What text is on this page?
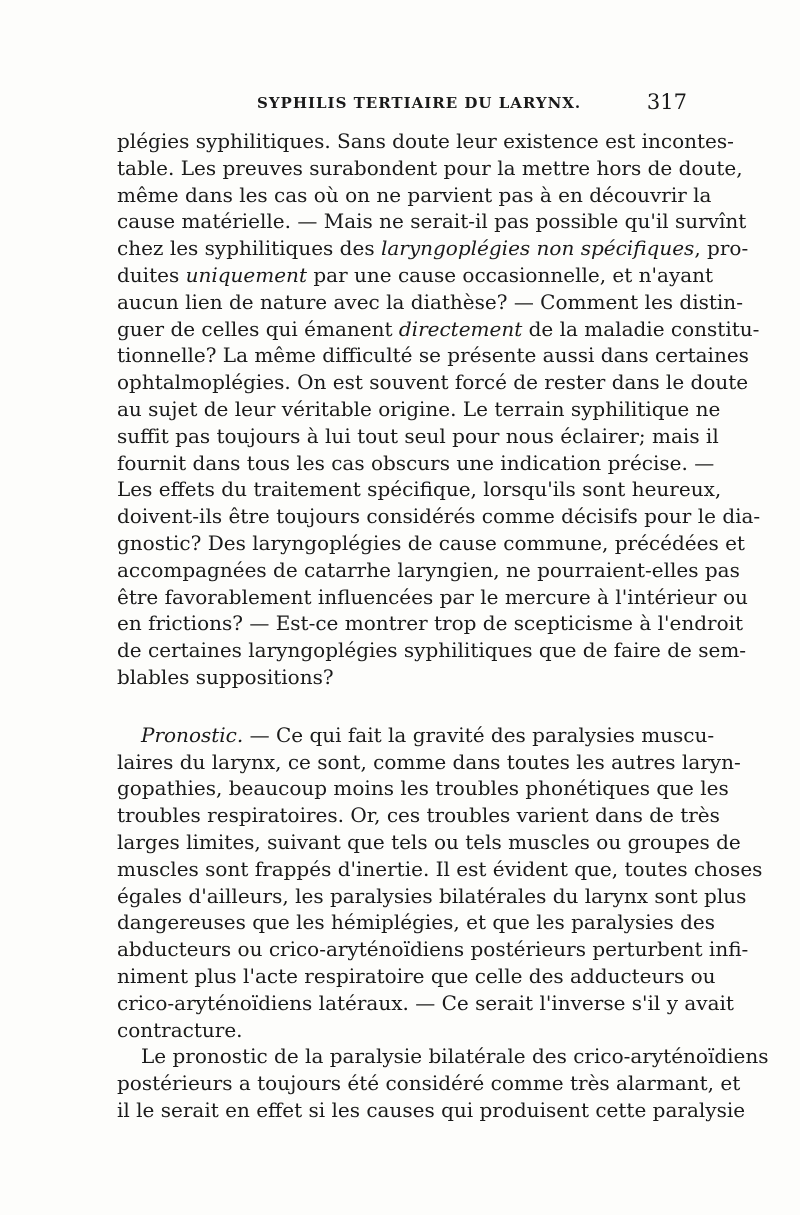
SYPHILIS TERTIAIRE DU LARYNX.	317
plégies syphilitiques. Sans doute leur existence est incontes-
table. Les preuves surabondent pour la mettre hors de doute,
même dans les cas où on ne parvient pas à en découvrir la
cause matérielle. — Mais ne serait-il pas possible qu'il survînt
chez les syphilitiques des laryngoplégies non spécifiques, pro-
duites uniquement par une cause occasionnelle, et n'ayant
aucun lien de nature avec la diathèse? — Comment les distin-
guer de celles qui émanent directement de la maladie constitu-
tionnelle? La même difficulté se présente aussi dans certaines
ophtalmoplégies. On est souvent forcé de rester dans le doute
au sujet de leur véritable origine. Le terrain syphilitique ne
suffit pas toujours à lui tout seul pour nous éclairer; mais il
fournit dans tous les cas obscurs une indication précise. —
Les effets du traitement spécifique, lorsqu'ils sont heureux,
doivent-ils être toujours considérés comme décisifs pour le dia-
gnostic? Des laryngoplégies de cause commune, précédées et
accompagnées de catarrhe laryngien, ne pourraient-elles pas
être favorablement influencées par le mercure à l'intérieur ou
en frictions? — Est-ce montrer trop de scepticisme à l'endroit
de certaines laryngoplégies syphilitiques que de faire de sem-
blables suppositions?
Pronostic. — Ce qui fait la gravité des paralysies muscu-
laires du larynx, ce sont, comme dans toutes les autres laryn-
gopathies, beaucoup moins les troubles phonétiques que les
troubles respiratoires. Or, ces troubles varient dans de très
larges limites, suivant que tels ou tels muscles ou groupes de
muscles sont frappés d'inertie. Il est évident que, toutes choses
égales d'ailleurs, les paralysies bilatérales du larynx sont plus
dangereuses que les hémiplégies, et que les paralysies des
abducteurs ou crico-aryténoïdiens postérieurs perturbent infi-
niment plus l'acte respiratoire que celle des adducteurs ou
crico-aryténoïdiens latéraux. — Ce serait l'inverse s'il y avait
contracture.
Le pronostic de la paralysie bilatérale des crico-aryténoïdiens
postérieurs a toujours été considéré comme très alarmant, et
il le serait en effet si les causes qui produisent cette paralysie
